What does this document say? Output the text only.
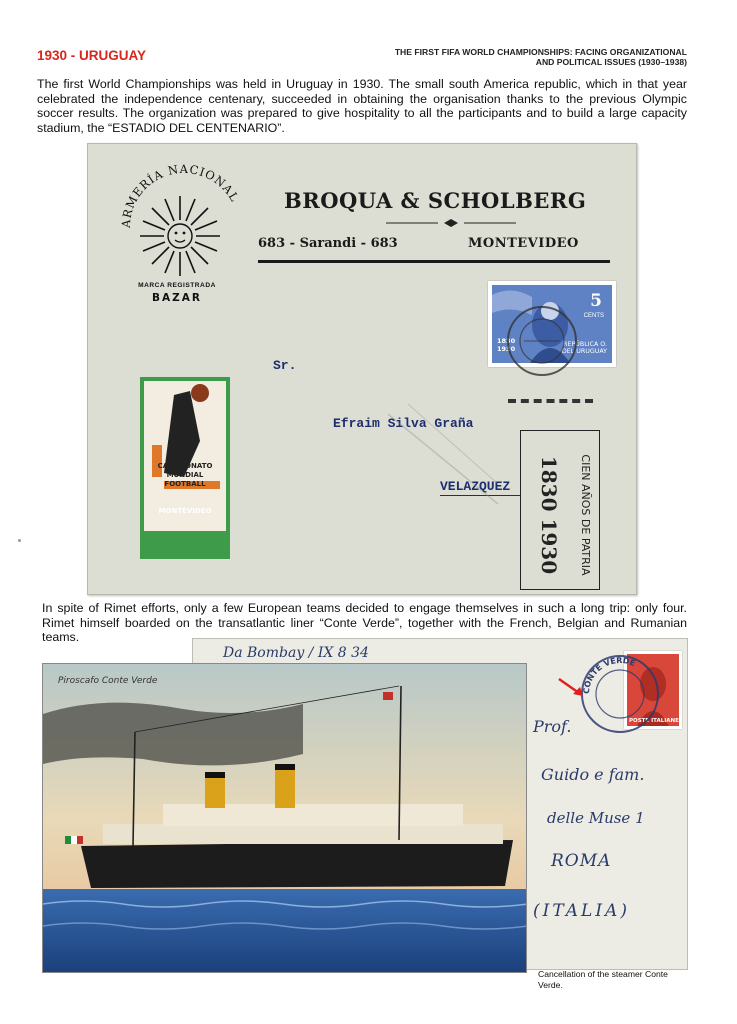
1930 - URUGUAY	THE FIRST FIFA WORLD CHAMPIONSHIPS: FACING ORGANIZATIONAL AND POLITICAL ISSUES (1930–1938)

The first World Championships was held in Uruguay in 1930. The small south America republic, which in that year celebrated the independence centenary, succeeded in obtaining the organisation thanks to the previous Olympic soccer results. The organization was prepared to give hospitality to all the participants and to build a large capacity stadium, the “ESTADIO DEL CENTENARIO”.

ARMERÍA NACIONAL
MARCA REGISTRADA
BAZAR
BROQUA & SCHOLBERG
683 - Sarandi - 683	MONTEVIDEO
5
CENTS
1830
1930
REPÚBLICA O.
DEL URUGUAY
Sr.
Efraim Silva Graña
VELAZQUEZ	1830 1930	CIEN AÑOS DE PATRIA
1er
CAMPEONATO
MUNDIAL
FOOTBALL
MONTEVIDEO

In spite of Rimet efforts, only a few European teams decided to engage themselves in such a long trip: only four. Rimet himself boarded on the transatlantic liner “Conte Verde”, together with the French, Belgian and Rumanian teams.

Da Bombay / IX 8 34
Prof.
Guido e fam.
delle Muse 1
ROMA
(ITALIA)
POSTE ITALIANE
CONTE VERDE
Piroscafo Conte Verde
Cancellation of the steamer Conte Verde.
